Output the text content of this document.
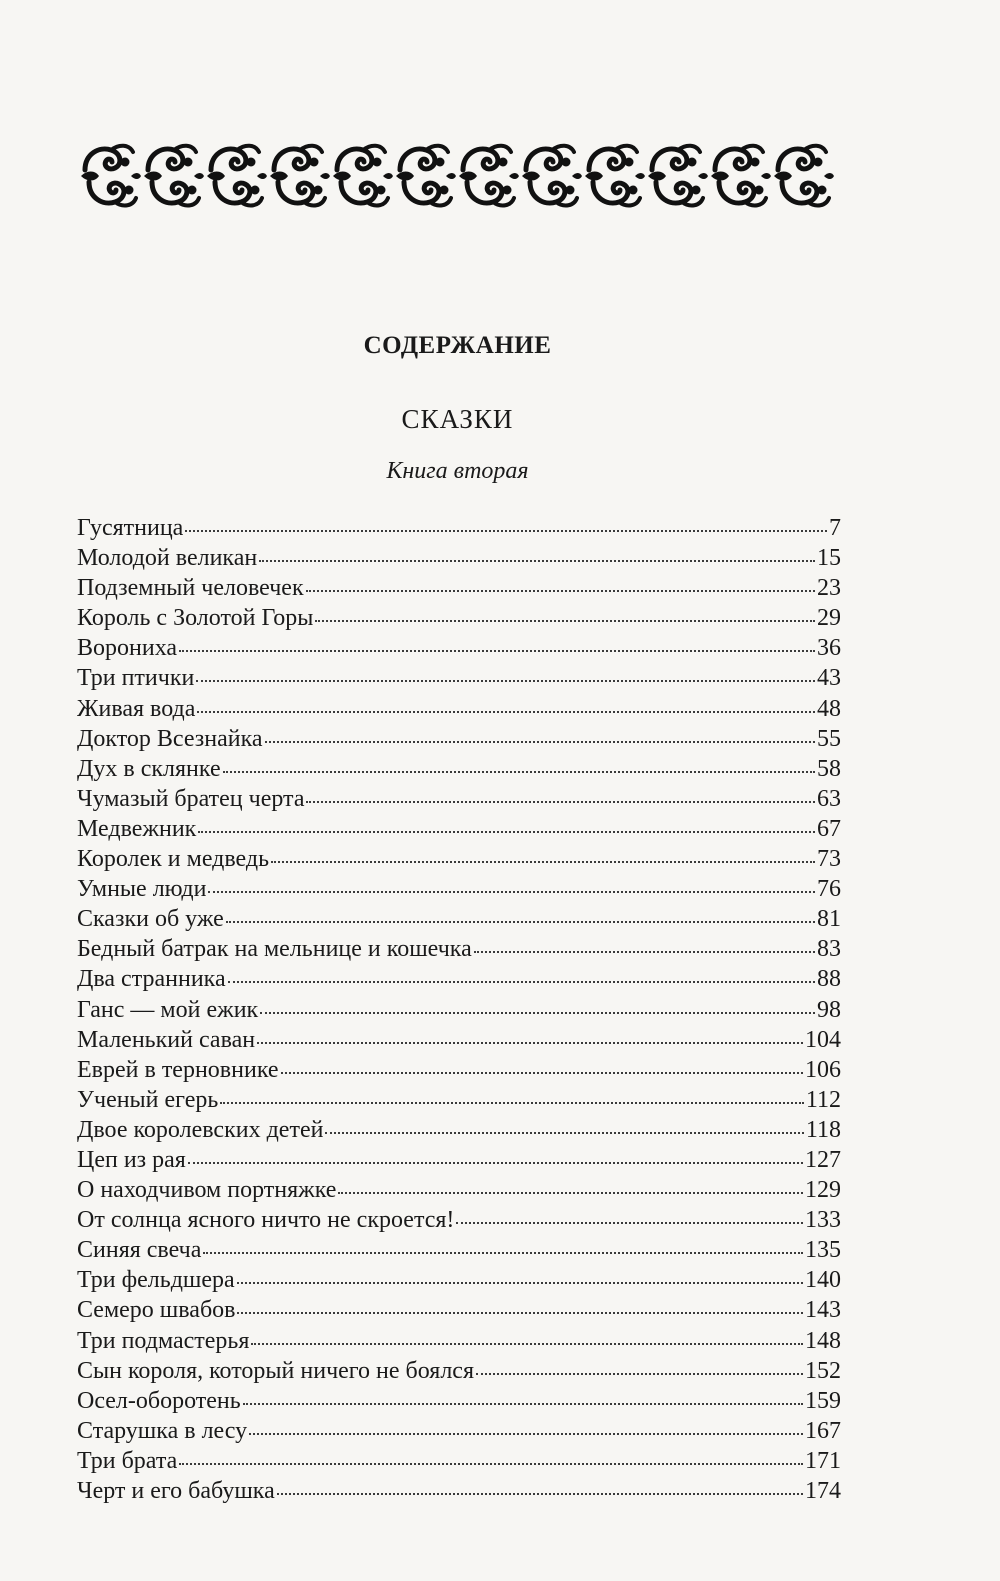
СОДЕРЖАНИЕ
СКАЗКИ
Книга вторая
Гусятница	7
Молодой великан	15
Подземный человечек	23
Король с Золотой Горы	29
Ворониха	36
Три птички	43
Живая вода	48
Доктор Всезнайка	55
Дух в склянке	58
Чумазый братец черта	63
Медвежник	67
Королек и медведь	73
Умные люди	76
Сказки об уже	81
Бедный батрак на мельнице и кошечка	83
Два странника	88
Ганс — мой ежик	98
Маленький саван	104
Еврей в терновнике	106
Ученый егерь	112
Двое королевских детей	118
Цеп из рая	127
О находчивом портняжке	129
От солнца ясного ничто не скроется!	133
Синяя свеча	135
Три фельдшера	140
Семеро швабов	143
Три подмастерья	148
Сын короля, который ничего не боялся	152
Осел-оборотень	159
Старушка в лесу	167
Три брата	171
Черт и его бабушка	174
